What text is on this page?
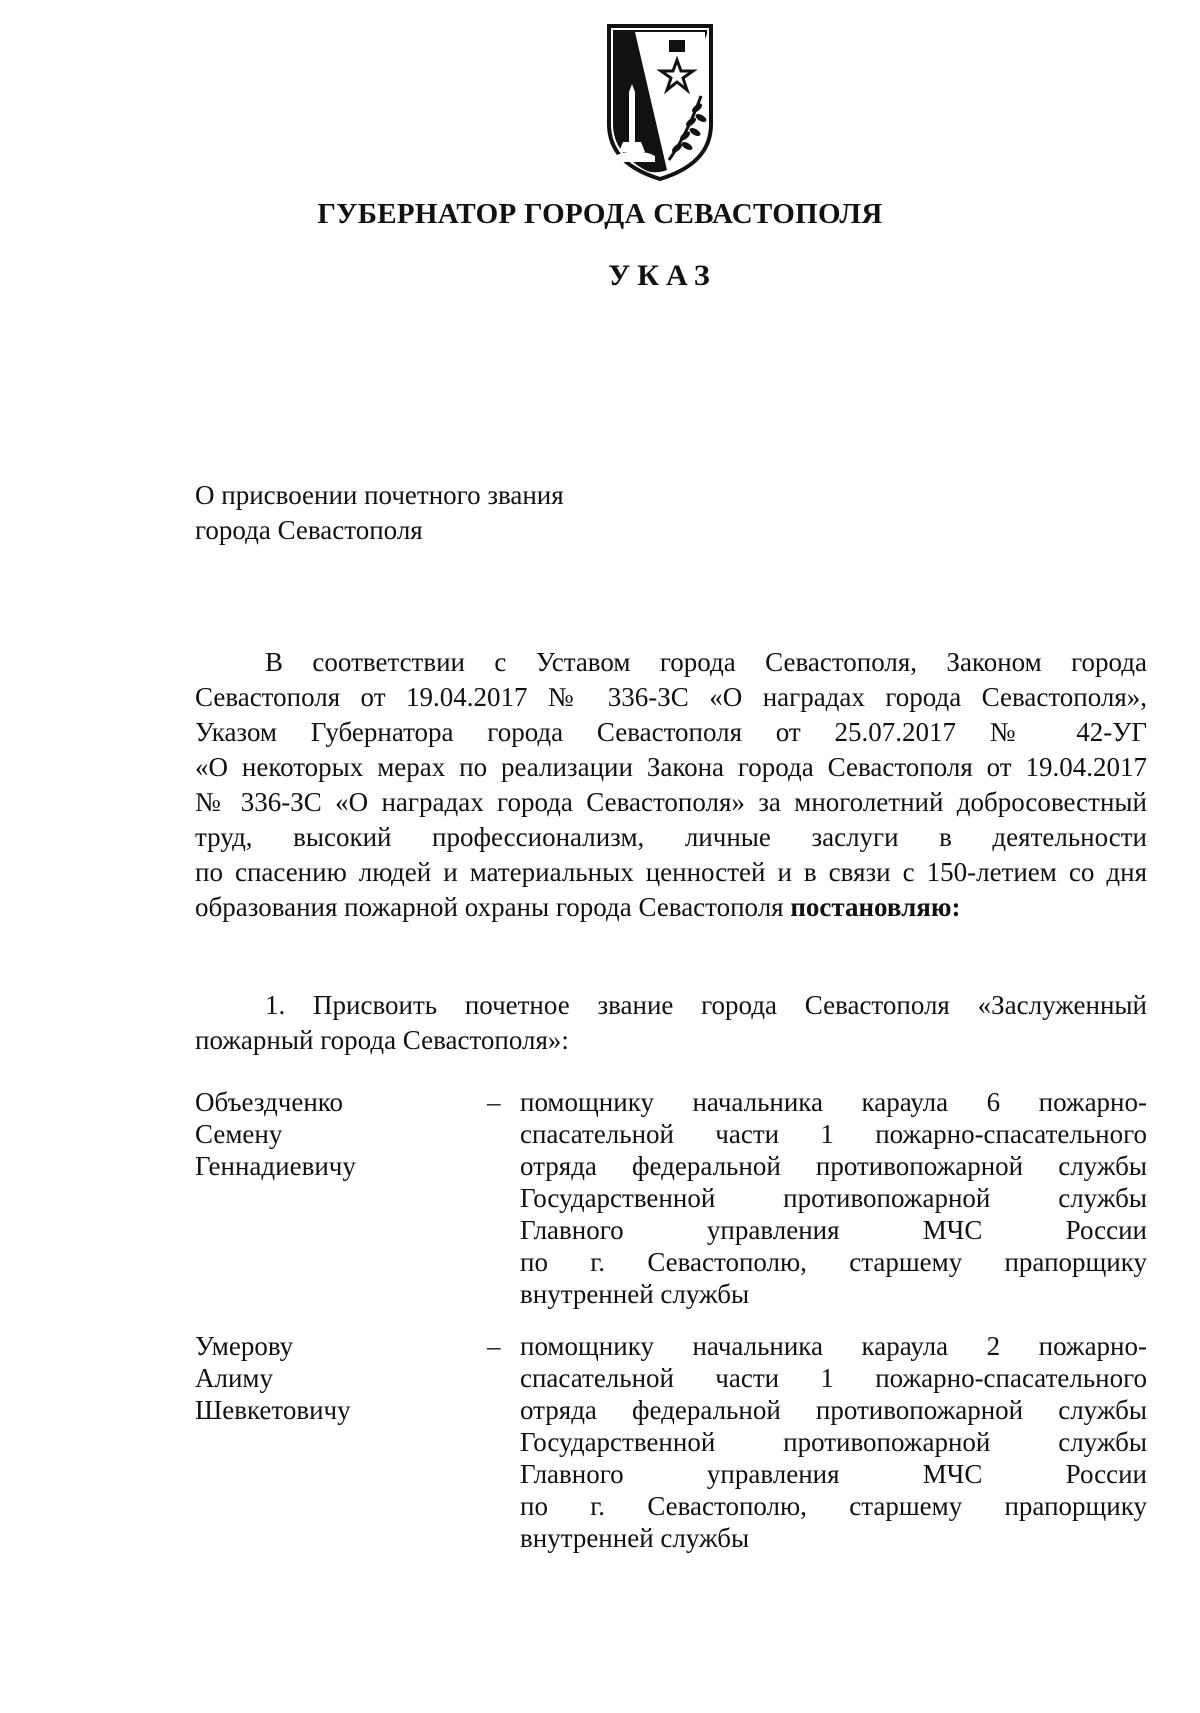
ГУБЕРНАТОР ГОРОДА СЕВАСТОПОЛЯ
УКАЗ
О присвоении почетного звания
города Севастополя
В соответствии с Уставом города Севастополя, Законом города
Севастополя от 19.04.2017 № 336-ЗС «О наградах города Севастополя»,
Указом Губернатора города Севастополя от 25.07.2017 № 42-УГ
«О некоторых мерах по реализации Закона города Севастополя от 19.04.2017
№ 336-ЗС «О наградах города Севастополя» за многолетний добросовестный
труд, высокий профессионализм, личные заслуги в деятельности
по спасению людей и материальных ценностей и в связи с 150-летием со дня
образования пожарной охраны города Севастополя постановляю:
1. Присвоить почетное звание города Севастополя «Заслуженный
пожарный города Севастополя»:
Объездченко
Семену
Геннадиевичу
– помощнику начальника караула 6 пожарно-
спасательной части 1 пожарно-спасательного
отряда федеральной противопожарной службы
Государственной противопожарной службы
Главного управления МЧС России
по г. Севастополю, старшему прапорщику
внутренней службы
Умерову
Алиму
Шевкетовичу
– помощнику начальника караула 2 пожарно-
спасательной части 1 пожарно-спасательного
отряда федеральной противопожарной службы
Государственной противопожарной службы
Главного управления МЧС России
по г. Севастополю, старшему прапорщику
внутренней службы
